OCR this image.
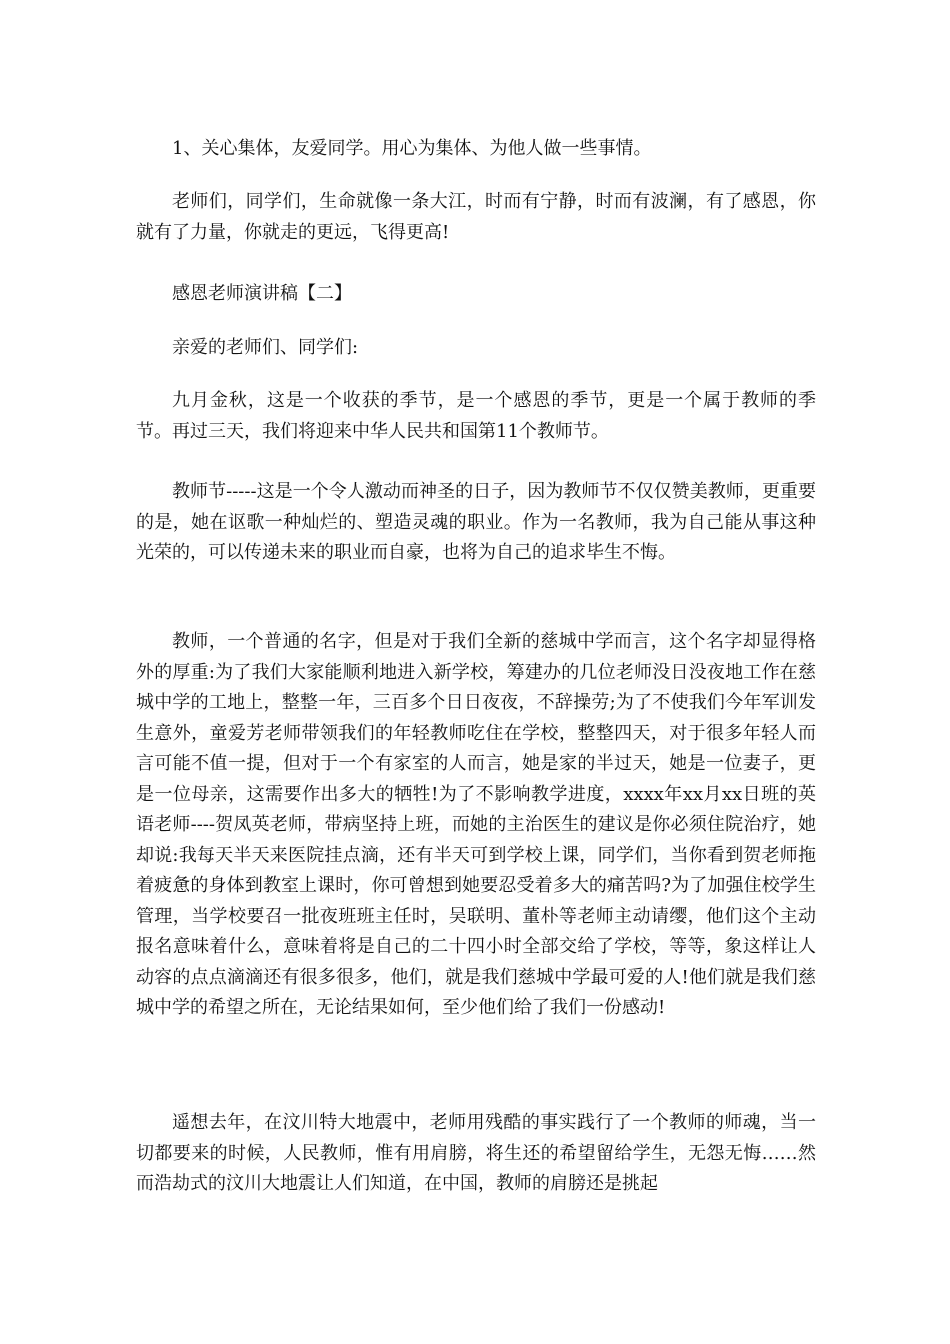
1、关心集体，友爱同学。用心为集体、为他人做一些事情。

老师们，同学们，生命就像一条大江，时而有宁静，时而有波澜，有了感恩，你就有了力量，你就走的更远，飞得更高!

感恩老师演讲稿【二】

亲爱的老师们、同学们:

九月金秋，这是一个收获的季节，是一个感恩的季节，更是一个属于教师的季节。再过三天，我们将迎来中华人民共和国第11个教师节。

教师节-----这是一个令人激动而神圣的日子，因为教师节不仅仅赞美教师，更重要的是，她在讴歌一种灿烂的、塑造灵魂的职业。作为一名教师，我为自己能从事这种光荣的，可以传递未来的职业而自豪，也将为自己的追求毕生不悔。

教师，一个普通的名字，但是对于我们全新的慈城中学而言，这个名字却显得格外的厚重:为了我们大家能顺利地进入新学校，筹建办的几位老师没日没夜地工作在慈城中学的工地上，整整一年，三百多个日日夜夜，不辞操劳;为了不使我们今年军训发生意外，童爱芳老师带领我们的年轻教师吃住在学校，整整四天，对于很多年轻人而言可能不值一提，但对于一个有家室的人而言，她是家的半过天，她是一位妻子，更是一位母亲，这需要作出多大的牺牲!为了不影响教学进度，xxxx年xx月xx日班的英语老师----贺凤英老师，带病坚持上班，而她的主治医生的建议是你必须住院治疗，她却说:我每天半天来医院挂点滴，还有半天可到学校上课，同学们，当你看到贺老师拖着疲惫的身体到教室上课时，你可曾想到她要忍受着多大的痛苦吗?为了加强住校学生管理，当学校要召一批夜班班主任时，吴联明、董朴等老师主动请缨，他们这个主动报名意味着什么，意味着将是自己的二十四小时全部交给了学校，等等，象这样让人动容的点点滴滴还有很多很多，他们，就是我们慈城中学最可爱的人!他们就是我们慈城中学的希望之所在，无论结果如何，至少他们给了我们一份感动!

遥想去年，在汶川特大地震中，老师用残酷的事实践行了一个教师的师魂，当一切都要来的时候，人民教师，惟有用肩膀，将生还的希望留给学生，无怨无悔……然而浩劫式的汶川大地震让人们知道，在中国，教师的肩膀还是挑起
